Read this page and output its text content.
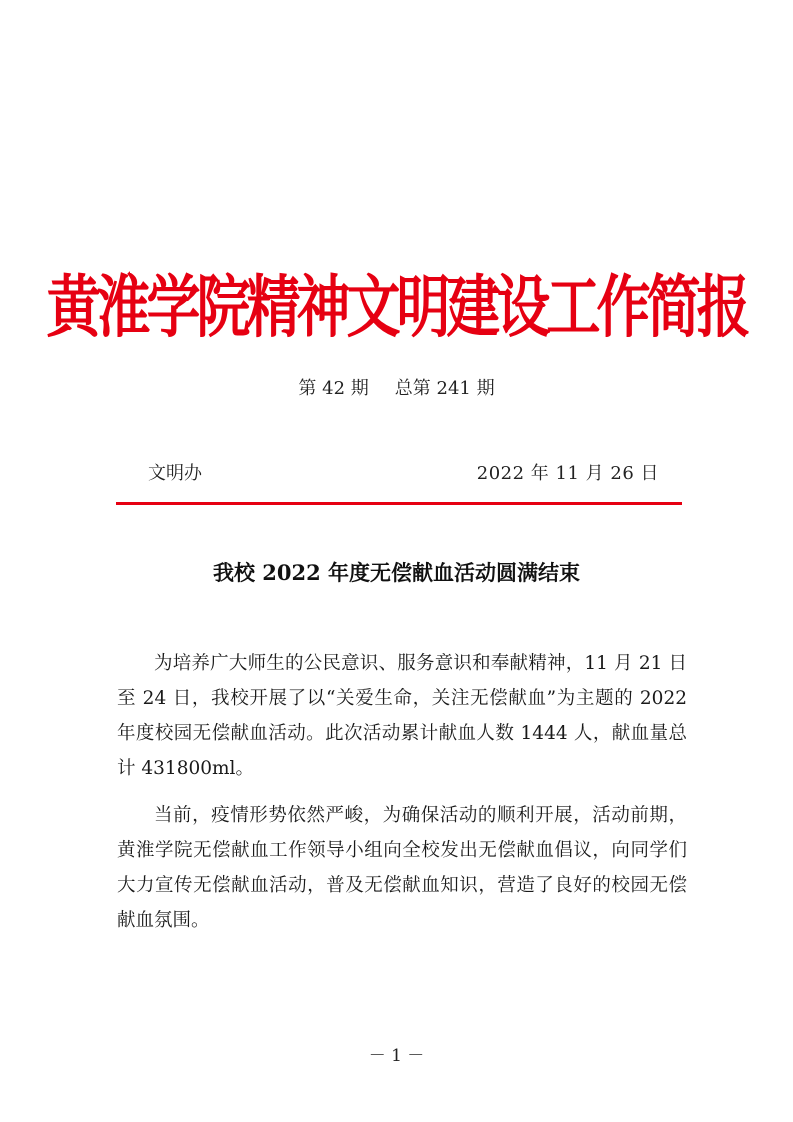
黄淮学院精神文明建设工作简报
第 42 期 总第 241 期
文明办	2022 年 11 月 26 日
我校 2022 年度无偿献血活动圆满结束

为培养广大师生的公民意识、服务意识和奉献精神，11 月 21 日至 24 日，我校开展了以“关爱生命，关注无偿献血”为主题的 2022 年度校园无偿献血活动。此次活动累计献血人数 1444 人，献血量总计 431800ml。

当前，疫情形势依然严峻，为确保活动的顺利开展，活动前期，黄淮学院无偿献血工作领导小组向全校发出无偿献血倡议，向同学们大力宣传无偿献血活动，普及无偿献血知识，营造了良好的校园无偿献血氛围。

－ 1 －
